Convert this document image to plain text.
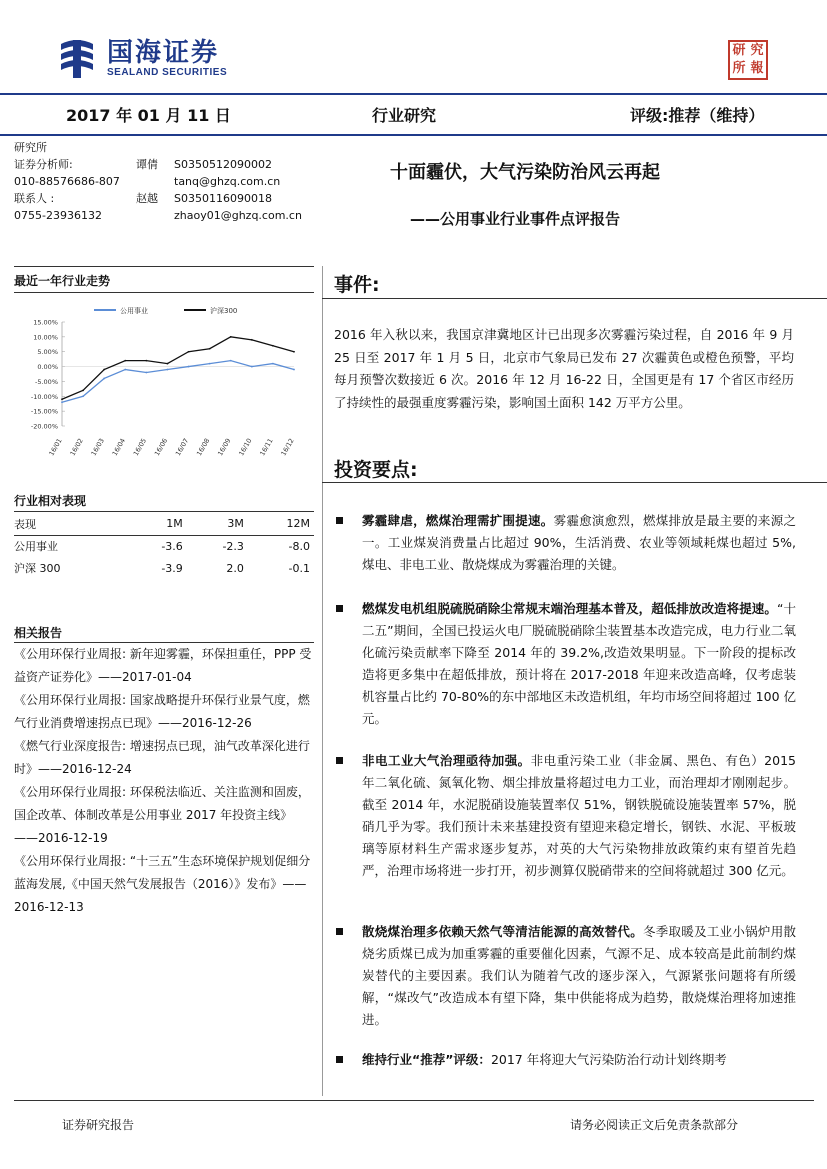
国海证券
SEALAND SECURITIES
研 究
所 報
2017 年 01 月 11 日	行业研究	评级:推荐（维持）
研究所
证券分析师:	谭倩 S0350512090002
010-88576686-807	tanq@ghzq.com.cn
联系人 :	赵越 S0350116090018
0755-23936132	zhaoy01@ghzq.com.cn
十面霾伏，大气污染防治风云再起
——公用事业行业事件点评报告
最近一年行业走势
公用事业	沪深300
15.00%
10.00%
5.00%
0.00%
-5.00%
-10.00%
-15.00%
-20.00%
16/01 16/02 16/03 16/04 16/05 16/06 16/07 16/08 16/09 16/10 16/11 16/12
行业相对表现
表现	1M	3M	12M
公用事业	-3.6	-2.3	-8.0
沪深 300	-3.9	2.0	-0.1
相关报告
《公用环保行业周报: 新年迎雾霾，环保担重任，PPP 受益资产证券化》——2017-01-04
《公用环保行业周报: 国家战略提升环保行业景气度，燃气行业消费增速拐点已现》——2016-12-26
《燃气行业深度报告: 增速拐点已现，油气改革深化进行时》——2016-12-24
《公用环保行业周报: 环保税法临近、关注监测和固废，国企改革、体制改革是公用事业 2017 年投资主线》——2016-12-19
《公用环保行业周报: “十三五”生态环境保护规划促细分蓝海发展,《中国天然气发展报告（2016）》发布》——2016-12-13
事件:
2016 年入秋以来，我国京津冀地区计已出现多次雾霾污染过程，自 2016 年 9 月 25 日至 2017 年 1 月 5 日，北京市气象局已发布 27 次霾黄色或橙色预警，平均每月预警次数接近 6 次。2016 年 12 月 16-22 日，全国更是有 17 个省区市经历了持续性的最强重度雾霾污染，影响国土面积 142 万平方公里。
投资要点:
雾霾肆虐，燃煤治理需扩围提速。雾霾愈演愈烈，燃煤排放是最主要的来源之一。工业煤炭消费量占比超过 90%，生活消费、农业等领域耗煤也超过 5%,煤电、非电工业、散烧煤成为雾霾治理的关键。
燃煤发电机组脱硫脱硝除尘常规末端治理基本普及，超低排放改造将提速。“十二五”期间，全国已投运火电厂脱硫脱硝除尘装置基本改造完成，电力行业二氧化硫污染贡献率下降至 2014 年的 39.2%,改造效果明显。下一阶段的提标改造将更多集中在超低排放，预计将在 2017-2018 年迎来改造高峰，仅考虑装机容量占比约 70-80%的东中部地区未改造机组，年均市场空间将超过 100 亿元。
非电工业大气治理亟待加强。非电重污染工业（非金属、黑色、有色）2015 年二氧化硫、氮氧化物、烟尘排放量将超过电力工业，而治理却才刚刚起步。截至 2014 年，水泥脱硝设施装置率仅 51%，钢铁脱硫设施装置率 57%，脱硝几乎为零。我们预计未来基建投资有望迎来稳定增长，钢铁、水泥、平板玻璃等原材料生产需求逐步复苏，对英的大气污染物排放政策约束有望首先趋严，治理市场将进一步打开，初步测算仅脱硝带来的空间将就超过 300 亿元。
散烧煤治理多依赖天然气等清洁能源的高效替代。冬季取暖及工业小锅炉用散烧劣质煤已成为加重雾霾的重要催化因素，气源不足、成本较高是此前制约煤炭替代的主要因素。我们认为随着气改的逐步深入，气源紧张问题将有所缓解，“煤改气”改造成本有望下降，集中供能将成为趋势，散烧煤治理将加速推进。
维持行业“推荐”评级：2017 年将迎大气污染防治行动计划终期考
证券研究报告	请务必阅读正文后免责条款部分
